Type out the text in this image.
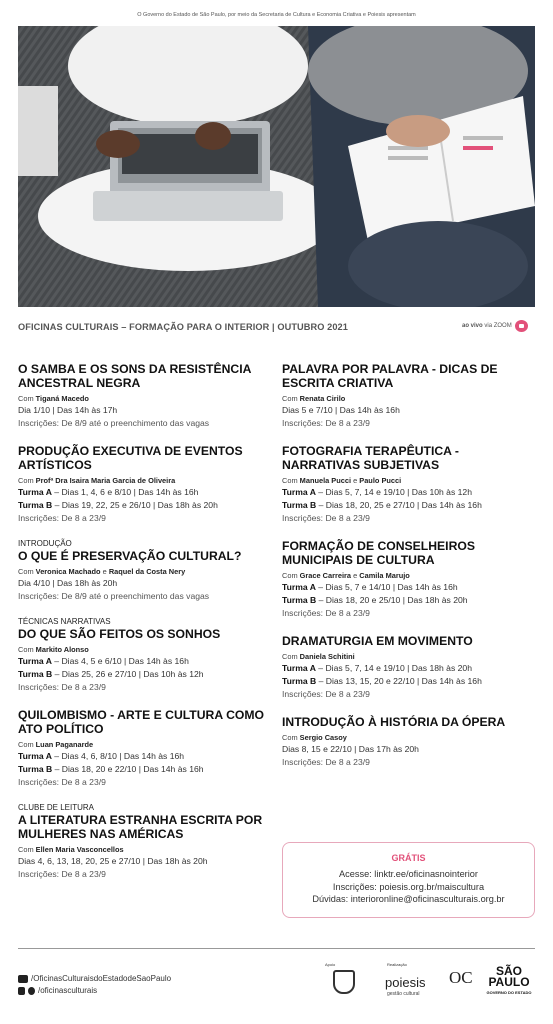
O Governo do Estado de São Paulo, por meio da Secretaria de Cultura e Economia Criativa e Poiesis apresentam
OFICINAS CULTURAIS – FORMAÇÃO PARA O INTERIOR | OUTUBRO 2021	ao vivo via ZOOM
O SAMBA E OS SONS DA RESISTÊNCIA ANCESTRAL NEGRA
Com Tiganá Macedo
Dia 1/10 | Das 14h às 17h
Inscrições: De 8/9 até o preenchimento das vagas
PRODUÇÃO EXECUTIVA DE EVENTOS ARTÍSTICOS
Com Profª Dra Isaira Maria Garcia de Oliveira
Turma A – Dias 1, 4, 6 e 8/10 | Das 14h às 16h
Turma B – Dias 19, 22, 25 e 26/10 | Das 18h às 20h
Inscrições: De 8 a 23/9
INTRODUÇÃO
O QUE É PRESERVAÇÃO CULTURAL?
Com Veronica Machado e Raquel da Costa Nery
Dia 4/10 | Das 18h às 20h
Inscrições: De 8/9 até o preenchimento das vagas
TÉCNICAS NARRATIVAS
DO QUE SÃO FEITOS OS SONHOS
Com Markito Alonso
Turma A – Dias 4, 5 e 6/10 | Das 14h às 16h
Turma B – Dias 25, 26 e 27/10 | Das 10h às 12h
Inscrições: De 8 a 23/9
QUILOMBISMO - ARTE E CULTURA COMO ATO POLÍTICO
Com Luan Paganarde
Turma A – Dias 4, 6, 8/10 | Das 14h às 16h
Turma B – Dias 18, 20 e 22/10 | Das 14h às 16h
Inscrições: De 8 a 23/9
CLUBE DE LEITURA
A LITERATURA ESTRANHA ESCRITA POR MULHERES NAS AMÉRICAS
Com Ellen Maria Vasconcellos
Dias 4, 6, 13, 18, 20, 25 e 27/10 | Das 18h às 20h
Inscrições: De 8 a 23/9
PALAVRA POR PALAVRA - DICAS DE ESCRITA CRIATIVA
Com Renata Cirilo
Dias 5 e 7/10 | Das 14h às 16h
Inscrições: De 8 a 23/9
FOTOGRAFIA TERAPÊUTICA - NARRATIVAS SUBJETIVAS
Com Manuela Pucci e Paulo Pucci
Turma A – Dias 5, 7, 14 e 19/10 | Das 10h às 12h
Turma B – Dias 18, 20, 25 e 27/10 | Das 14h às 16h
Inscrições: De 8 a 23/9
FORMAÇÃO DE CONSELHEIROS MUNICIPAIS DE CULTURA
Com Grace Carreira e Camila Marujo
Turma A – Dias 5, 7 e 14/10 | Das 14h às 16h
Turma B – Dias 18, 20 e 25/10 | Das 18h às 20h
Inscrições: De 8 a 23/9
DRAMATURGIA EM MOVIMENTO
Com Daniela Schitini
Turma A – Dias 5, 7, 14 e 19/10 | Das 18h às 20h
Turma B – Dias 13, 15, 20 e 22/10 | Das 14h às 16h
Inscrições: De 8 a 23/9
INTRODUÇÃO À HISTÓRIA DA ÓPERA
Com Sergio Casoy
Dias 8, 15 e 22/10 | Das 17h às 20h
Inscrições: De 8 a 23/9
GRÁTIS
Acesse: linktr.ee/oficinasnointerior
Inscrições: poiesis.org.br/maiscultura
Dúvidas: interioronline@oficinasculturais.org.br
/OficinasCulturaisdoEstadodeSaoPaulo
/oficinasculturais
Apoio	Realização
poiesis
gestão cultural
OC	SÃO PAULO
GOVERNO DO ESTADO
